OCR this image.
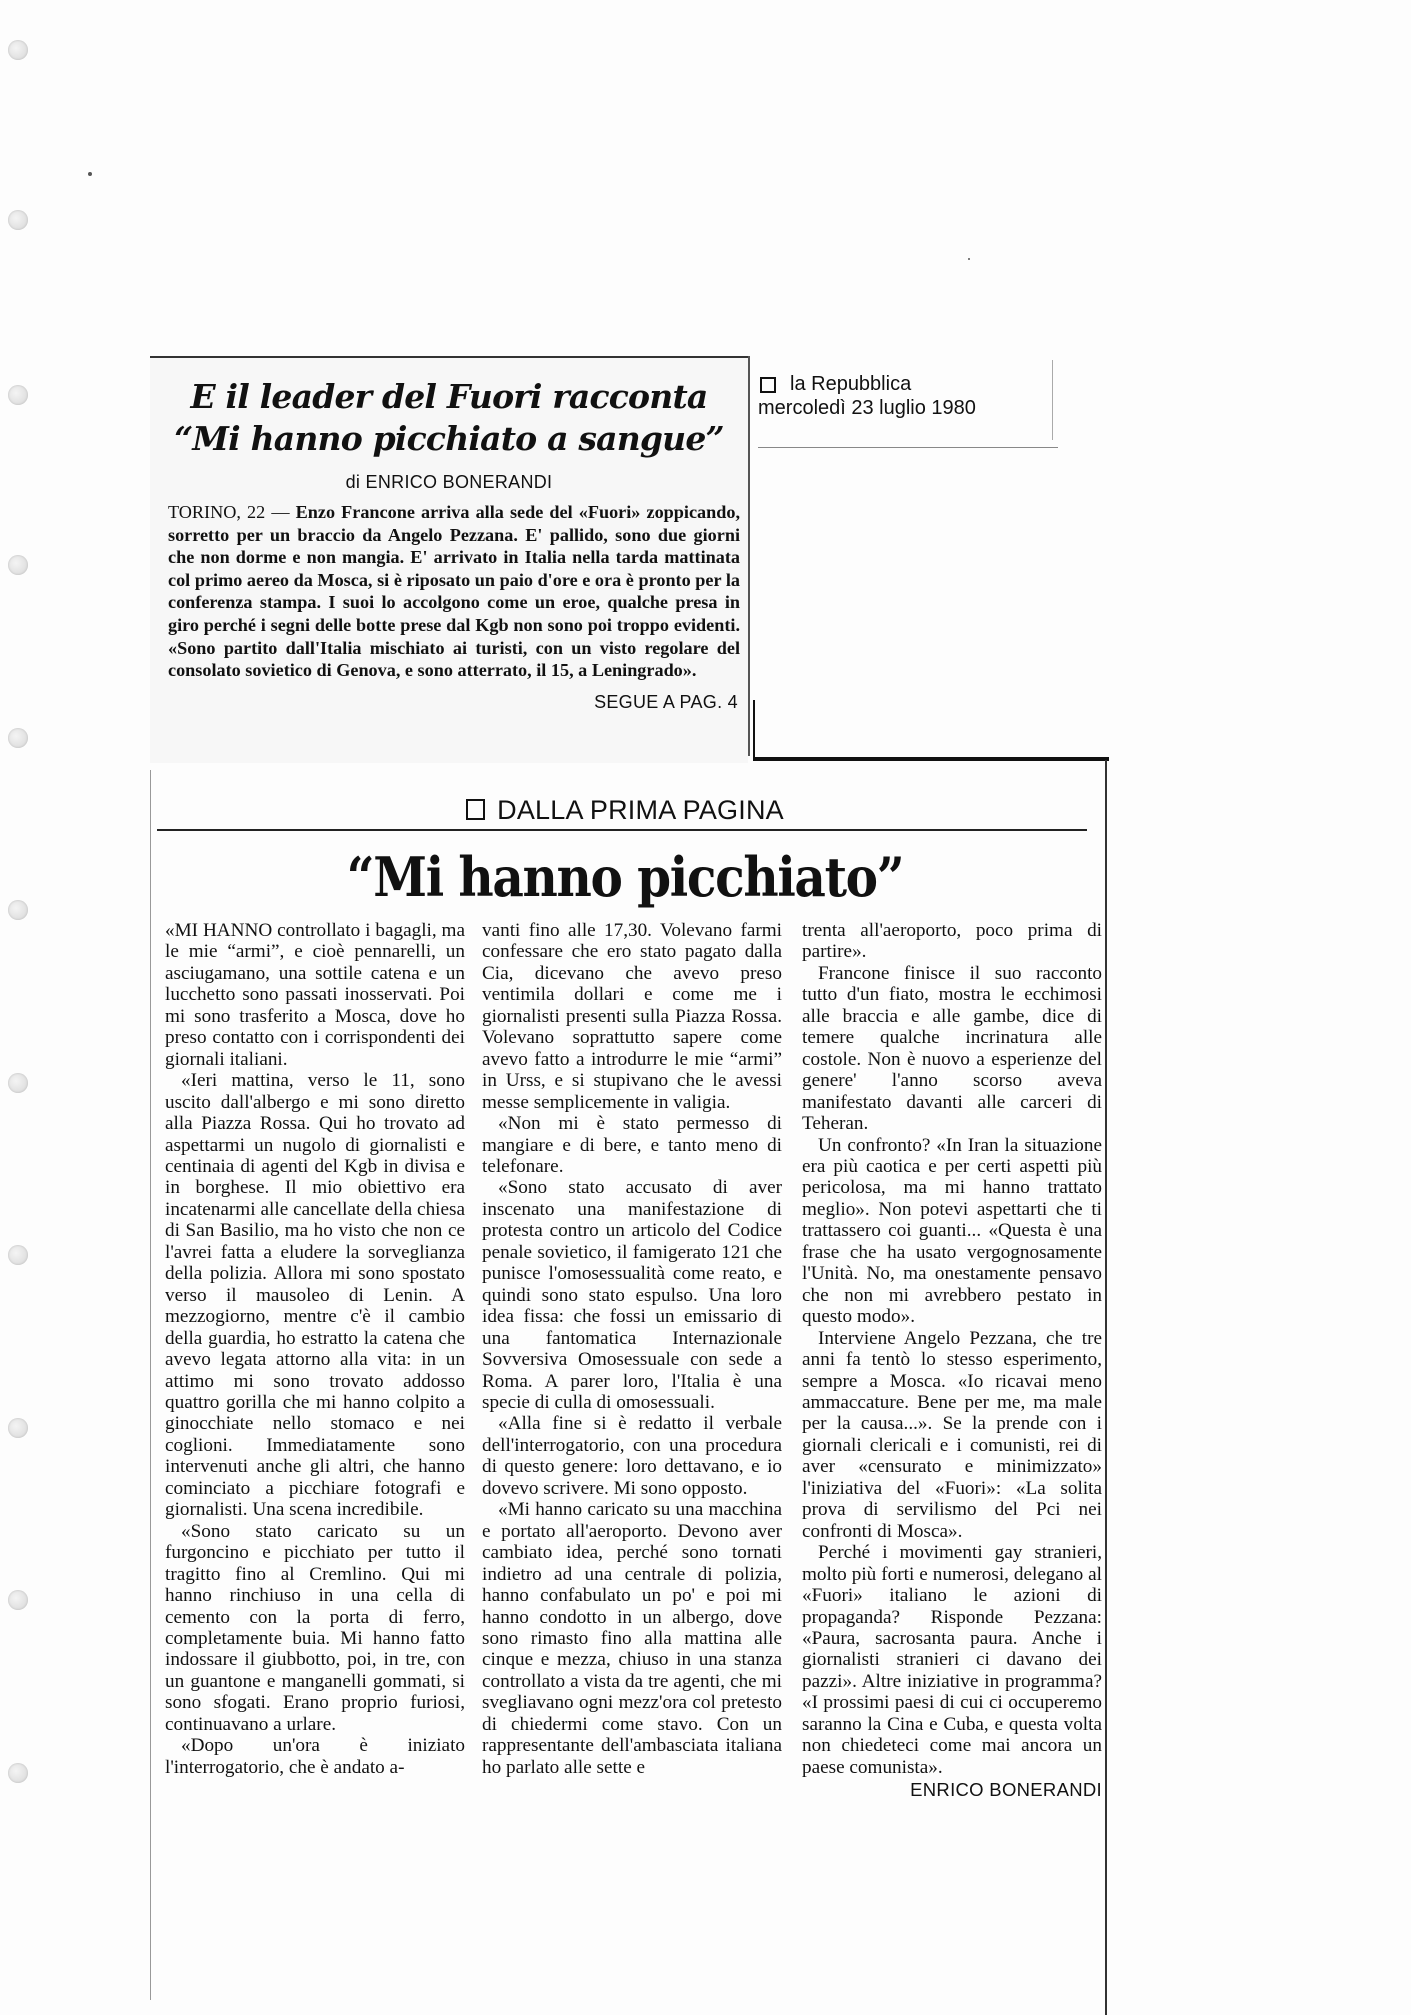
E il leader del Fuori racconta
“Mi hanno picchiato a sangue”
di ENRICO BONERANDI
TORINO, 22 — Enzo Francone arriva alla sede del «Fuori» zoppicando, sorretto per un braccio da Angelo Pezzana. E' pallido, sono due giorni che non dorme e non mangia. E' arrivato in Italia nella tarda mattinata col primo aereo da Mosca, si è riposato un paio d'ore e ora è pronto per la conferenza stampa. I suoi lo accolgono come un eroe, qualche presa in giro perché i segni delle botte prese dal Kgb non sono poi troppo evidenti. «Sono partito dall'Italia mischiato ai turisti, con un visto regolare del consolato sovietico di Genova, e sono atterrato, il 15, a Leningrado».
SEGUE A PAG. 4
la Repubblica
mercoledì 23 luglio 1980
DALLA PRIMA PAGINA
“Mi hanno picchiato”

«MI HANNO controllato i bagagli, ma le mie “armi”, e cioè pennarelli, un asciugamano, una sottile catena e un lucchetto sono passati inosservati. Poi mi sono trasferito a Mosca, dove ho preso contatto con i corrispondenti dei giornali italiani.

«Ieri mattina, verso le 11, sono uscito dall'albergo e mi sono diretto alla Piazza Rossa. Qui ho trovato ad aspettarmi un nugolo di giornalisti e centinaia di agenti del Kgb in divisa e in borghese. Il mio obiettivo era incatenarmi alle cancellate della chiesa di San Basilio, ma ho visto che non ce l'avrei fatta a eludere la sorveglianza della polizia. Allora mi sono spostato verso il mausoleo di Lenin. A mezzogiorno, mentre c'è il cambio della guardia, ho estratto la catena che avevo legata attorno alla vita: in un attimo mi sono trovato addosso quattro gorilla che mi hanno colpito a ginocchiate nello stomaco e nei coglioni. Immediatamente sono intervenuti anche gli altri, che hanno cominciato a picchiare fotografi e giornalisti. Una scena incredibile.

«Sono stato caricato su un furgoncino e picchiato per tutto il tragitto fino al Cremlino. Qui mi hanno rinchiuso in una cella di cemento con la porta di ferro, completamente buia. Mi hanno fatto indossare il giubbotto, poi, in tre, con un guantone e manganelli gommati, si sono sfogati. Erano proprio furiosi, continuavano a urlare.

«Dopo un'ora è iniziato l'interrogatorio, che è andato a-

vanti fino alle 17,30. Volevano farmi confessare che ero stato pagato dalla Cia, dicevano che avevo preso ventimila dollari e come me i giornalisti presenti sulla Piazza Rossa. Volevano soprattutto sapere come avevo fatto a introdurre le mie “armi” in Urss, e si stupivano che le avessi messe semplicemente in valigia.

«Non mi è stato permesso di mangiare e di bere, e tanto meno di telefonare.

«Sono stato accusato di aver inscenato una manifestazione di protesta contro un articolo del Codice penale sovietico, il famigerato 121 che punisce l'omosessualità come reato, e quindi sono stato espulso. Una loro idea fissa: che fossi un emissario di una fantomatica Internazionale Sovversiva Omosessuale con sede a Roma. A parer loro, l'Italia è una specie di culla di omosessuali.

«Alla fine si è redatto il verbale dell'interrogatorio, con una procedura di questo genere: loro dettavano, e io dovevo scrivere. Mi sono opposto.

«Mi hanno caricato su una macchina e portato all'aeroporto. Devono aver cambiato idea, perché sono tornati indietro ad una centrale di polizia, hanno confabulato un po' e poi mi hanno condotto in un albergo, dove sono rimasto fino alla mattina alle cinque e mezza, chiuso in una stanza controllato a vista da tre agenti, che mi svegliavano ogni mezz'ora col pretesto di chiedermi come stavo. Con un rappresentante dell'ambasciata italiana ho parlato alle sette e

trenta all'aeroporto, poco prima di partire».

Francone finisce il suo racconto tutto d'un fiato, mostra le ecchimosi alle braccia e alle gambe, dice di temere qualche incrinatura alle costole. Non è nuovo a esperienze del genere' l'anno scorso aveva manifestato davanti alle carceri di Teheran.

Un confronto? «In Iran la situazione era più caotica e per certi aspetti più pericolosa, ma mi hanno trattato meglio». Non potevi aspettarti che ti trattassero coi guanti... «Questa è una frase che ha usato vergognosamente l'Unità. No, ma onestamente pensavo che non mi avrebbero pestato in questo modo».

Interviene Angelo Pezzana, che tre anni fa tentò lo stesso esperimento, sempre a Mosca. «Io ricavai meno ammaccature. Bene per me, ma male per la causa...». Se la prende con i giornali clericali e i comunisti, rei di aver «censurato e minimizzato» l'iniziativa del «Fuori»: «La solita prova di servilismo del Pci nei confronti di Mosca».

Perché i movimenti gay stranieri, molto più forti e numerosi, delegano al «Fuori» italiano le azioni di propaganda? Risponde Pezzana: «Paura, sacrosanta paura. Anche i giornalisti stranieri ci davano dei pazzi». Altre iniziative in programma? «I prossimi paesi di cui ci occuperemo saranno la Cina e Cuba, e questa volta non chiedeteci come mai ancora un paese comunista».

ENRICO BONERANDI
